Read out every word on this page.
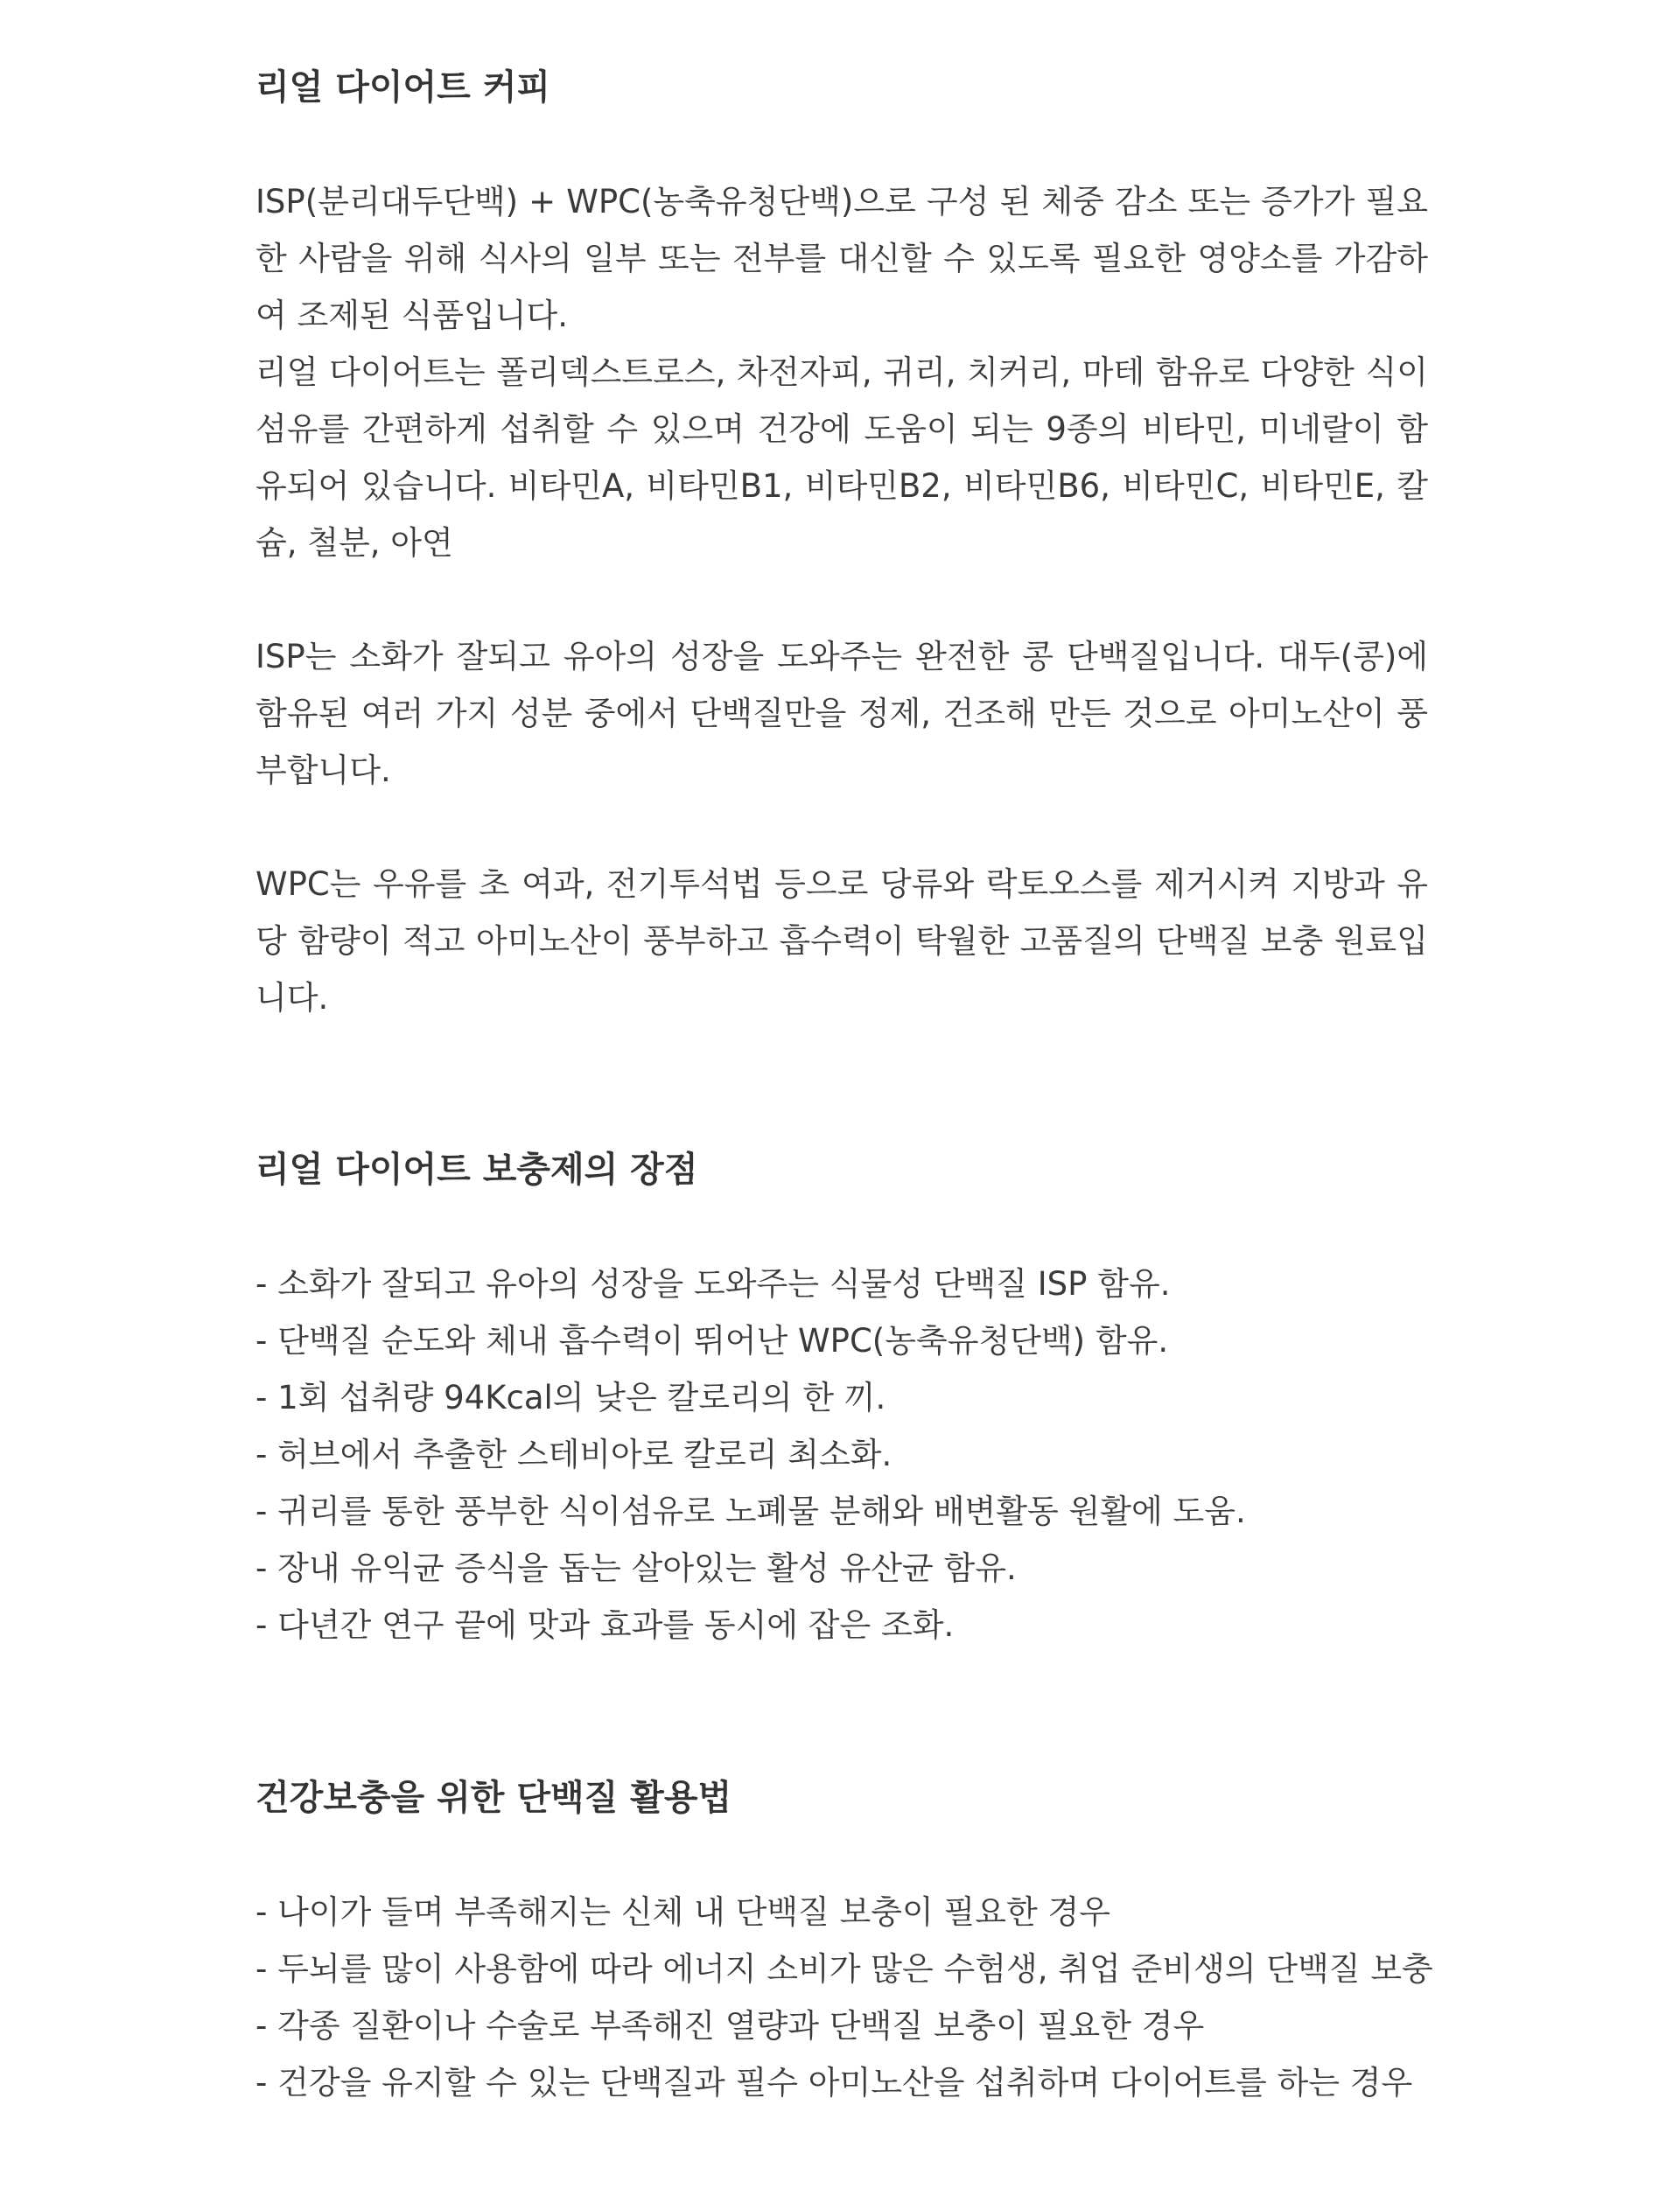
리얼 다이어트 커피

ISP(분리대두단백) + WPC(농축유청단백)으로 구성 된 체중 감소 또는 증가가 필요한 사람을 위해 식사의 일부 또는 전부를 대신할 수 있도록 필요한 영양소를 가감하여 조제된 식품입니다.

리얼 다이어트는 폴리덱스트로스, 차전자피, 귀리, 치커리, 마테 함유로 다양한 식이섬유를 간편하게 섭취할 수 있으며 건강에 도움이 되는 9종의 비타민, 미네랄이 함유되어 있습니다. 비타민A, 비타민B1, 비타민B2, 비타민B6, 비타민C, 비타민E, 칼슘, 철분, 아연

ISP는 소화가 잘되고 유아의 성장을 도와주는 완전한 콩 단백질입니다. 대두(콩)에 함유된 여러 가지 성분 중에서 단백질만을 정제, 건조해 만든 것으로 아미노산이 풍부합니다.

WPC는 우유를 초 여과, 전기투석법 등으로 당류와 락토오스를 제거시켜 지방과 유당 함량이 적고 아미노산이 풍부하고 흡수력이 탁월한 고품질의 단백질 보충 원료입니다.

리얼 다이어트 보충제의 장점
- 소화가 잘되고 유아의 성장을 도와주는 식물성 단백질 ISP 함유.
- 단백질 순도와 체내 흡수력이 뛰어난 WPC(농축유청단백) 함유.
- 1회 섭취량 94Kcal의 낮은 칼로리의 한 끼.
- 허브에서 추출한 스테비아로 칼로리 최소화.
- 귀리를 통한 풍부한 식이섬유로 노폐물 분해와 배변활동 원활에 도움.
- 장내 유익균 증식을 돕는 살아있는 활성 유산균 함유.
- 다년간 연구 끝에 맛과 효과를 동시에 잡은 조화.
건강보충을 위한 단백질 활용법
- 나이가 들며 부족해지는 신체 내 단백질 보충이 필요한 경우
- 두뇌를 많이 사용함에 따라 에너지 소비가 많은 수험생, 취업 준비생의 단백질 보충
- 각종 질환이나 수술로 부족해진 열량과 단백질 보충이 필요한 경우
- 건강을 유지할 수 있는 단백질과 필수 아미노산을 섭취하며 다이어트를 하는 경우
